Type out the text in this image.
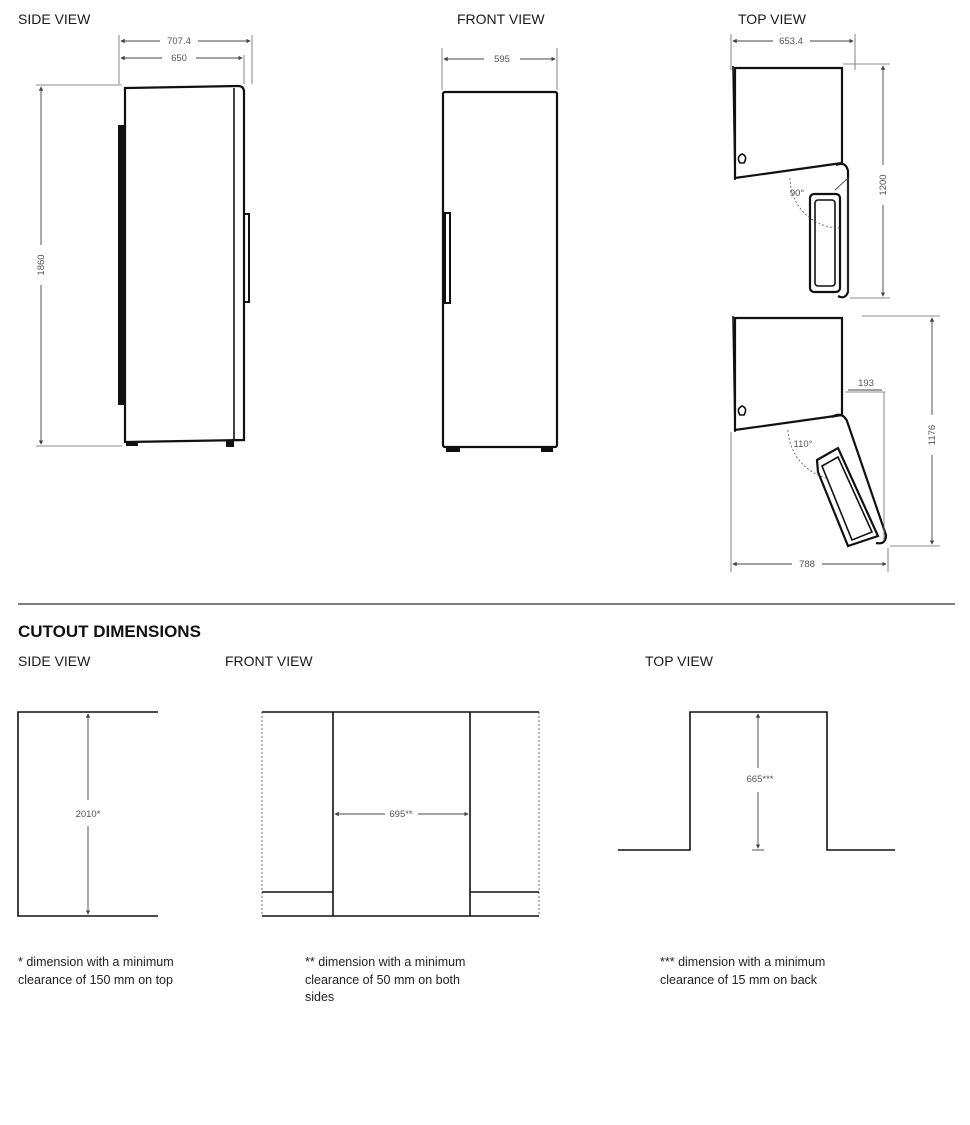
SIDE VIEW
707.4
650
1860
FRONT VIEW
595
TOP VIEW
653.4
90°	1200
110°
193
1176
788
CUTOUT DIMENSIONS
SIDE VIEW
2010*
FRONT VIEW
695**
TOP VIEW
665***
* dimension with a minimum
clearance of 150 mm on top
** dimension with a minimum
clearance of 50 mm on both
sides
*** dimension with a minimum
clearance of 15 mm on back
